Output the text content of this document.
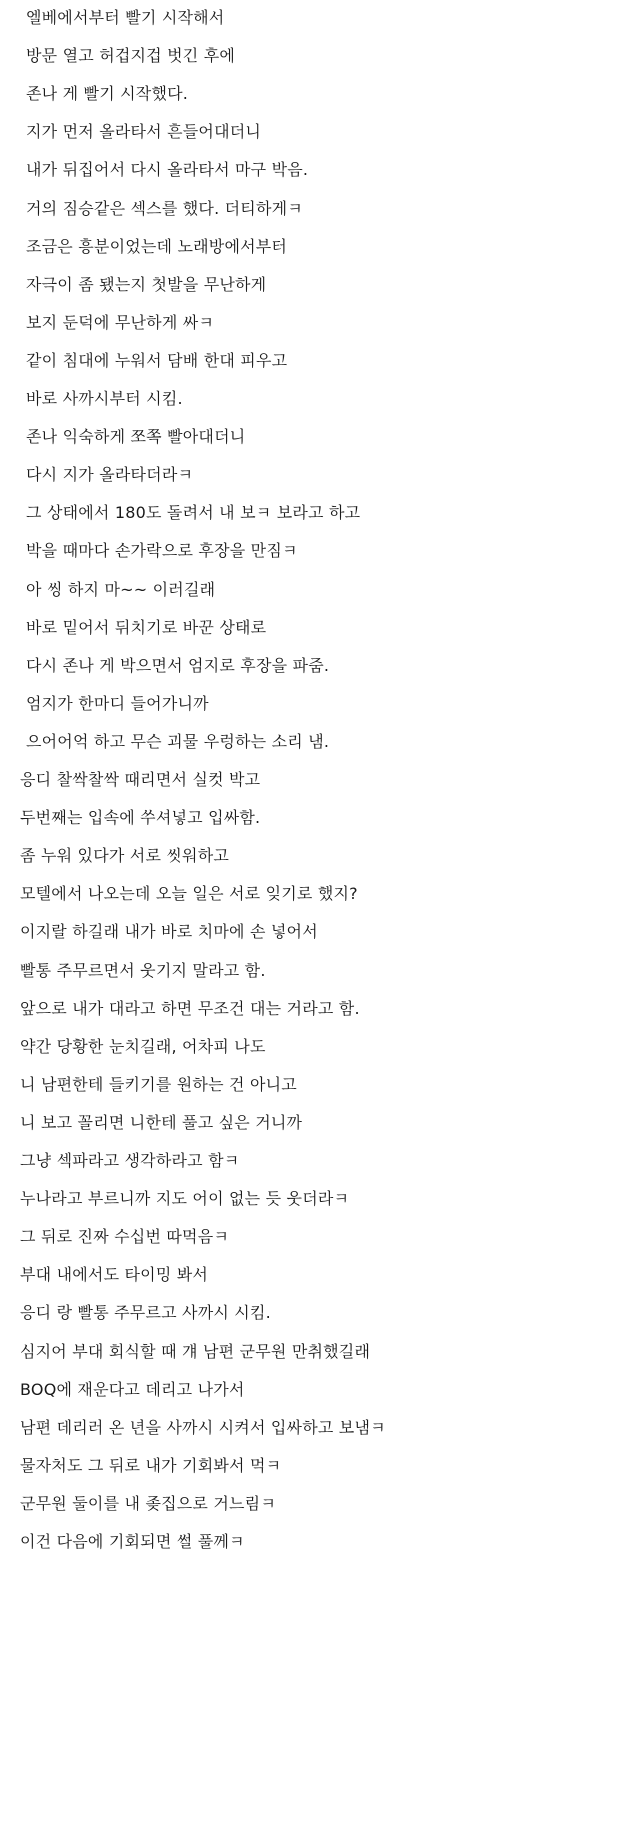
엘베에서부터 빨기 시작해서
방문 열고 허겁지겁 벗긴 후에
존나 게 빨기 시작했다.
지가 먼저 올라타서 흔들어대더니
내가 뒤집어서 다시 올라타서 마구 박음.
거의 짐승같은 섹스를 했다. 더티하게ㅋ
조금은 흥분이었는데 노래방에서부터
자극이 좀 됐는지 첫발을 무난하게
보지 둔덕에 무난하게 싸ㅋ
같이 침대에 누워서 담배 한대 피우고
바로 사까시부터 시킴.
존나 익숙하게 쪼쪽 빨아대더니
다시 지가 올라타더라ㅋ
그 상태에서 180도 돌려서 내 보ㅋ 보라고 하고
박을 때마다 손가락으로 후장을 만짐ㅋ
아 씽 하지 마~~ 이러길래
바로 밑어서 뒤치기로 바꾼 상태로
다시 존나 게 박으면서 엄지로 후장을 파줌.
엄지가 한마디 들어가니까
으어어억 하고 무슨 괴물 우렁하는 소리 냄.
응디 찰싹찰싹 때리면서 실컷 박고
두번째는 입속에 쑤셔넣고 입싸함.
좀 누워 있다가 서로 씻워하고
모텔에서 나오는데 오늘 일은 서로 잊기로 했지?
이지랄 하길래 내가 바로 치마에 손 넣어서
빨통 주무르면서 웃기지 말라고 함.
앞으로 내가 대라고 하면 무조건 대는 거라고 함.
약간 당황한 눈치길래, 어차피 나도
니 남편한테 들키기를 원하는 건 아니고
니 보고 꼴리면 니한테 풀고 싶은 거니까
그냥 섹파라고 생각하라고 함ㅋ
누나라고 부르니까 지도 어이 없는 듯 웃더라ㅋ
그 뒤로 진짜 수십번 따먹음ㅋ
부대 내에서도 타이밍 봐서
응디 랑 빨통 주무르고 사까시 시킴.
심지어 부대 회식할 때 걔 남편 군무원 만취했길래
BOQ에 재운다고 데리고 나가서
남편 데리러 온 년을 사까시 시켜서 입싸하고 보냄ㅋ
물자처도 그 뒤로 내가 기회봐서 먹ㅋ
군무원 둘이를 내 좆집으로 거느림ㅋ
이건 다음에 기회되면 썰 풀께ㅋ
